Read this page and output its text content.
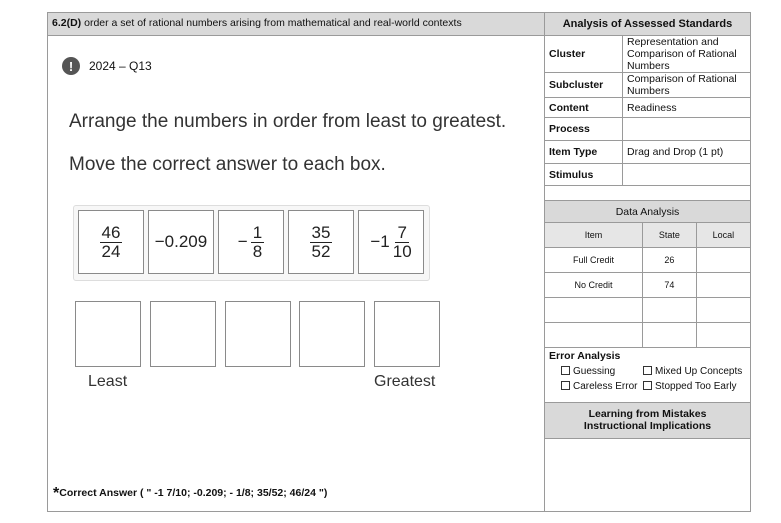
6.2(D) order a set of rational numbers arising from mathematical and real-world contexts
!	2024 – Q13
Arrange the numbers in order from least to greatest.
Move the correct answer to each box.
$\frac{46}{24} -0.209 - \frac{1}{8}$	$\frac{35}{52} -1 \frac{7}{10}$
Least	Greatest
*Correct Answer ( " -1 7/10; -0.209; - 1/8; 35/52; 46/24 ")
Analysis of Assessed Standards
Cluster	Representation and Comparison of Rational Numbers
Subcluster	Comparison of Rational Numbers
Content	Readiness
Process	
Item Type	Drag and Drop (1 pt)
Stimulus	
Data Analysis
Item	State	Local
Full Credit	26	
No Credit	74	

Error Analysis
Guessing	Mixed Up Concepts
Careless Error	Stopped Too Early
Learning from Mistakes
Instructional Implications
